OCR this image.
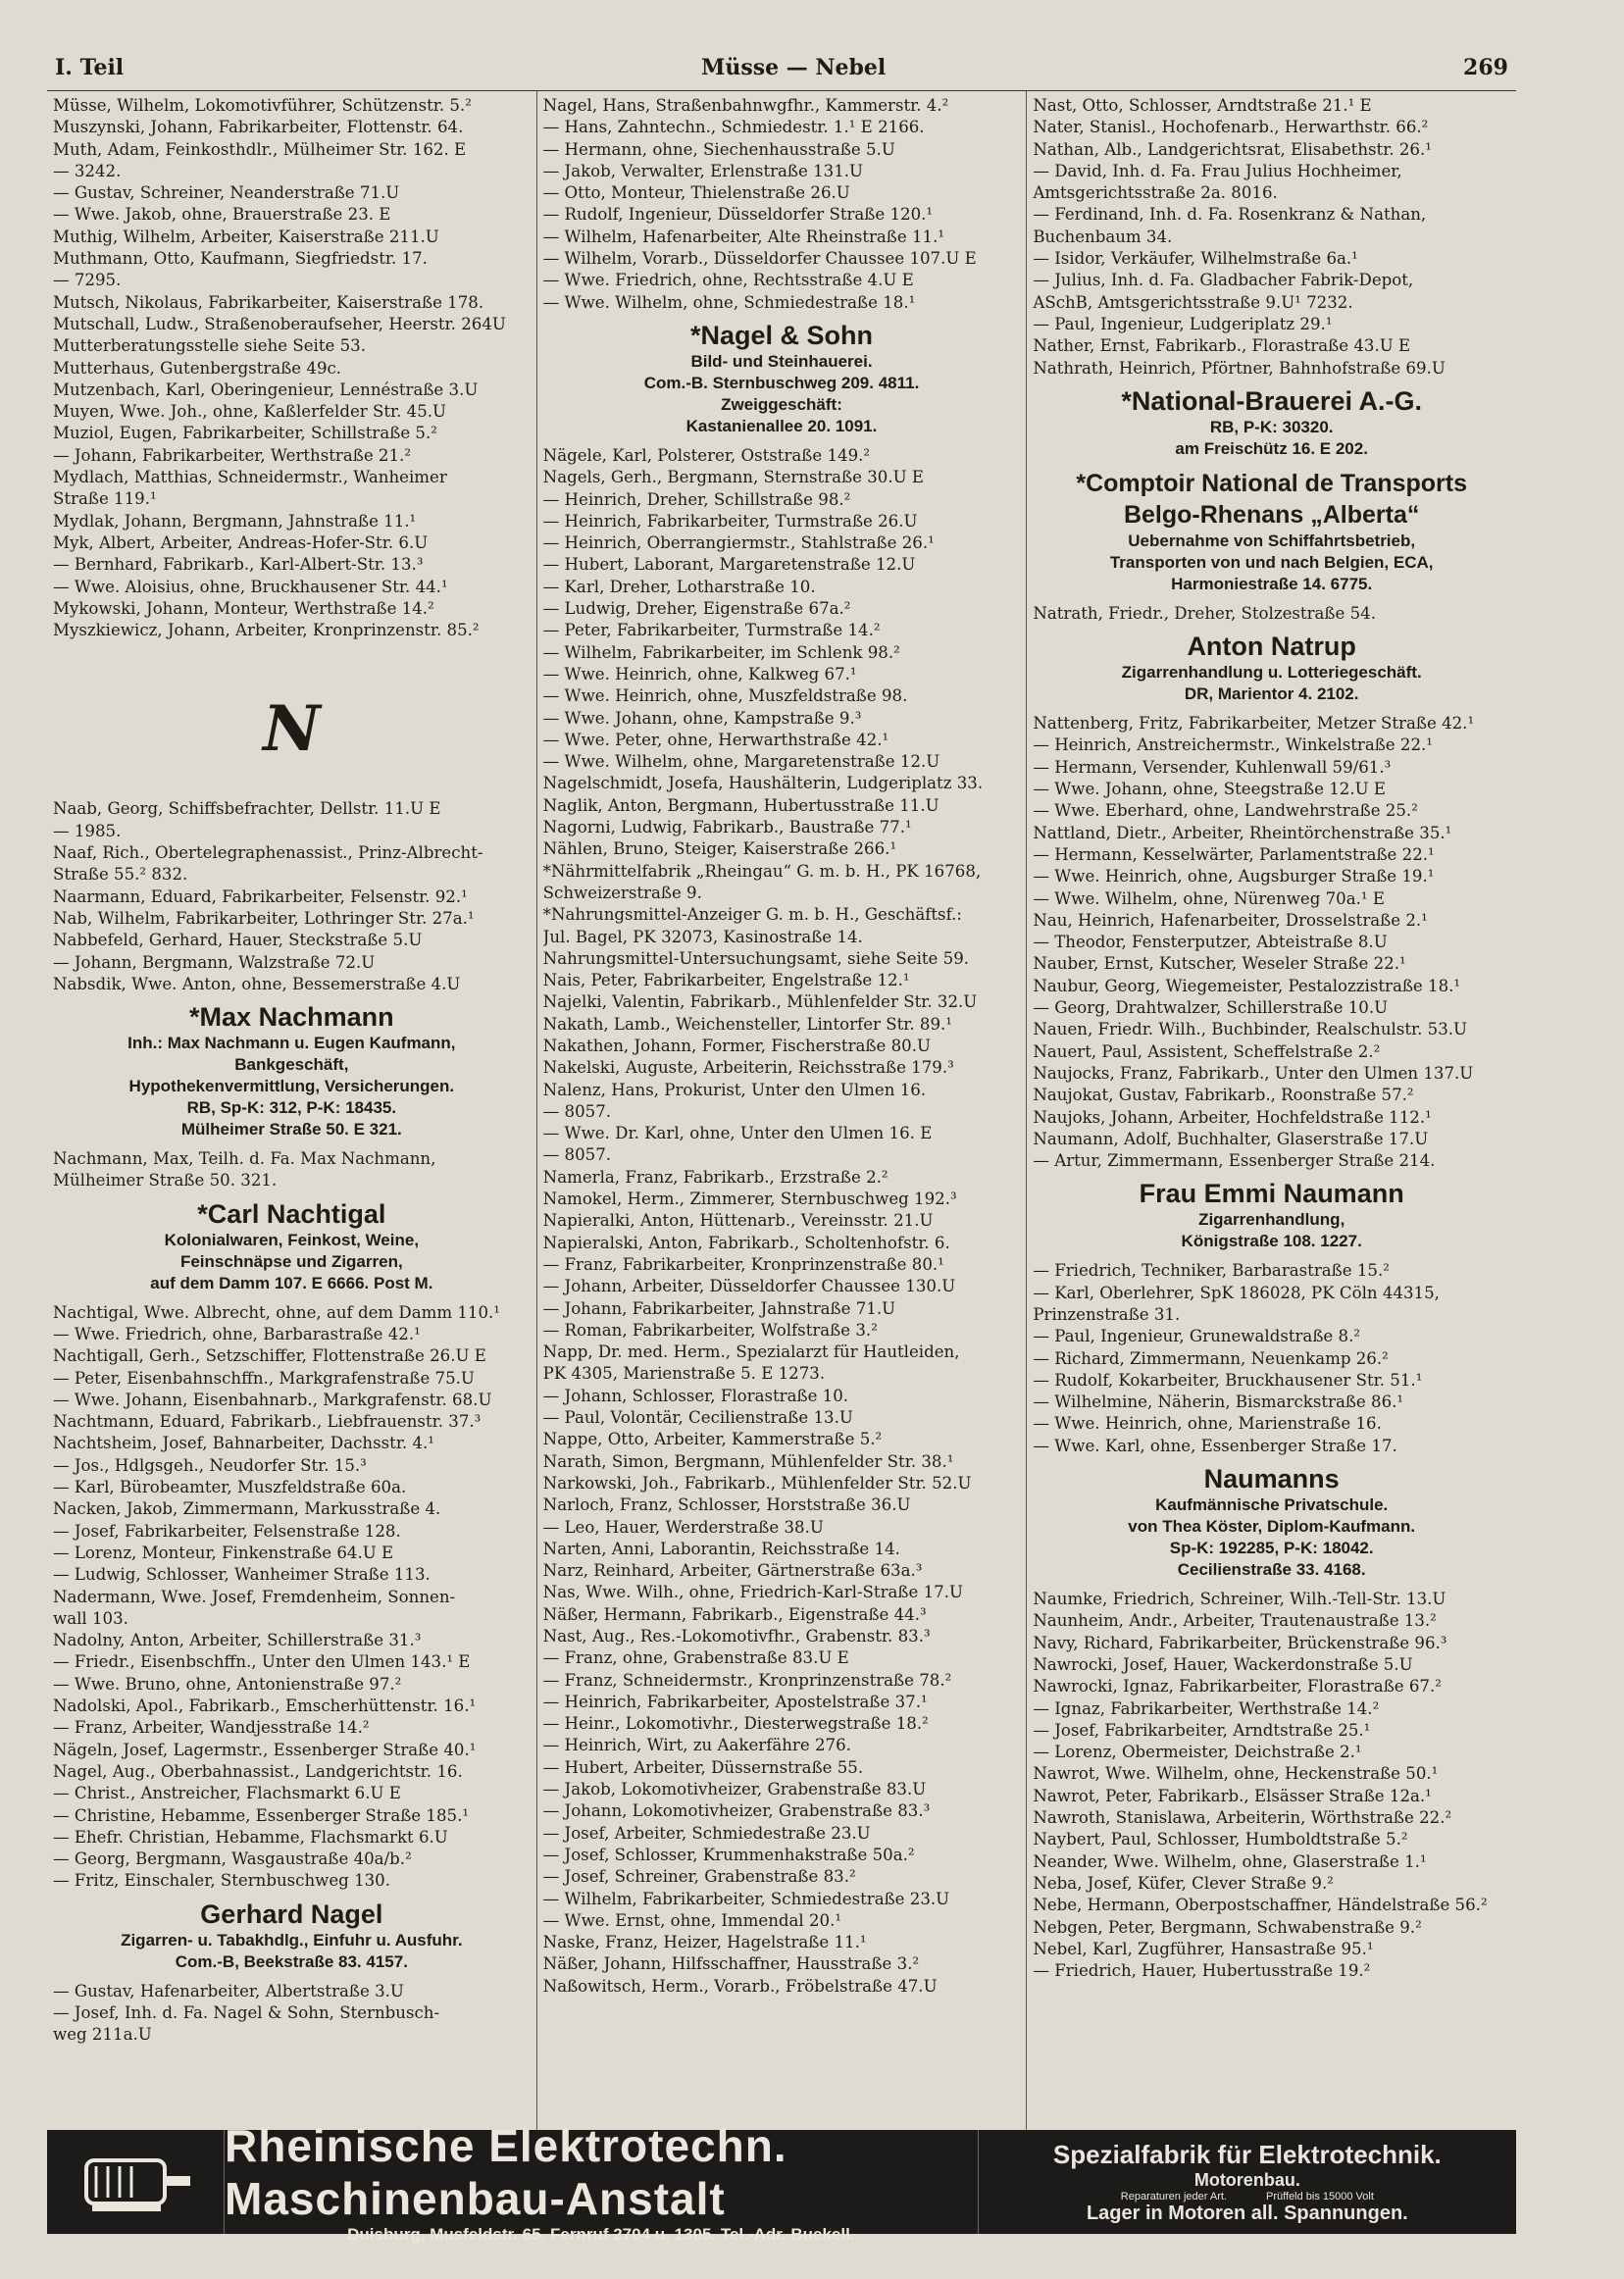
I. Teil	Müsse — Nebel	269
Müsse, Wilhelm, Lokomotivführer, Schützenstr. 5.²
Muszynski, Johann, Fabrikarbeiter, Flottenstr. 64.
Muth, Adam, Feinkosthdlr., Mülheimer Str. 162. E
— 3242.
— Gustav, Schreiner, Neanderstraße 71.U
— Wwe. Jakob, ohne, Brauerstraße 23. E
Muthig, Wilhelm, Arbeiter, Kaiserstraße 211.U
Muthmann, Otto, Kaufmann, Siegfriedstr. 17.
— 7295.
Mutsch, Nikolaus, Fabrikarbeiter, Kaiserstraße 178.
Mutschall, Ludw., Straßenoberaufseher, Heerstr. 264U
Mutterberatungsstelle siehe Seite 53.
Mutterhaus, Gutenbergstraße 49c.
Mutzenbach, Karl, Oberingenieur, Lennéstraße 3.U
Muyen, Wwe. Joh., ohne, Kaßlerfelder Str. 45.U
Muziol, Eugen, Fabrikarbeiter, Schillstraße 5.²
— Johann, Fabrikarbeiter, Werthstraße 21.²
Mydlach, Matthias, Schneidermstr., Wanheimer
Straße 119.¹
Mydlak, Johann, Bergmann, Jahnstraße 11.¹
Myk, Albert, Arbeiter, Andreas-Hofer-Str. 6.U
— Bernhard, Fabrikarb., Karl-Albert-Str. 13.³
— Wwe. Aloisius, ohne, Bruckhausener Str. 44.¹
Mykowski, Johann, Monteur, Werthstraße 14.²
Myszkiewicz, Johann, Arbeiter, Kronprinzenstr. 85.²
N
Naab, Georg, Schiffsbefrachter, Dellstr. 11.U E
— 1985.
Naaf, Rich., Obertelegraphenassist., Prinz-Albrecht-
Straße 55.² 832.
Naarmann, Eduard, Fabrikarbeiter, Felsenstr. 92.¹
Nab, Wilhelm, Fabrikarbeiter, Lothringer Str. 27a.¹
Nabbefeld, Gerhard, Hauer, Steckstraße 5.U
— Johann, Bergmann, Walzstraße 72.U
Nabsdik, Wwe. Anton, ohne, Bessemerstraße 4.U
*Max Nachmann
Inh.: Max Nachmann u. Eugen Kaufmann,
Bankgeschäft,
Hypothekenvermittlung, Versicherungen.
RB, Sp-K: 312, P-K: 18435.
Mülheimer Straße 50. E 321.
Nachmann, Max, Teilh. d. Fa. Max Nachmann,
Mülheimer Straße 50. 321.
*Carl Nachtigal
Kolonialwaren, Feinkost, Weine,
Feinschnäpse und Zigarren,
auf dem Damm 107. E 6666. Post M.
Nachtigal, Wwe. Albrecht, ohne, auf dem Damm 110.¹
— Wwe. Friedrich, ohne, Barbarastraße 42.¹
Nachtigall, Gerh., Setzschiffer, Flottenstraße 26.U E
— Peter, Eisenbahnschffn., Markgrafenstraße 75.U
— Wwe. Johann, Eisenbahnarb., Markgrafenstr. 68.U
Nachtmann, Eduard, Fabrikarb., Liebfrauenstr. 37.³
Nachtsheim, Josef, Bahnarbeiter, Dachsstr. 4.¹
— Jos., Hdlgsgeh., Neudorfer Str. 15.³
— Karl, Bürobeamter, Muszfeldstraße 60a.
Nacken, Jakob, Zimmermann, Markusstraße 4.
— Josef, Fabrikarbeiter, Felsenstraße 128.
— Lorenz, Monteur, Finkenstraße 64.U E
— Ludwig, Schlosser, Wanheimer Straße 113.
Nadermann, Wwe. Josef, Fremdenheim, Sonnen-
wall 103.
Nadolny, Anton, Arbeiter, Schillerstraße 31.³
— Friedr., Eisenbschffn., Unter den Ulmen 143.¹ E
— Wwe. Bruno, ohne, Antonienstraße 97.²
Nadolski, Apol., Fabrikarb., Emscherhüttenstr. 16.¹
— Franz, Arbeiter, Wandjesstraße 14.²
Nägeln, Josef, Lagermstr., Essenberger Straße 40.¹
Nagel, Aug., Oberbahnassist., Landgerichtstr. 16.
— Christ., Anstreicher, Flachsmarkt 6.U E
— Christine, Hebamme, Essenberger Straße 185.¹
— Ehefr. Christian, Hebamme, Flachsmarkt 6.U
— Georg, Bergmann, Wasgaustraße 40a/b.²
— Fritz, Einschaler, Sternbuschweg 130.
Gerhard Nagel
Zigarren- u. Tabakhdlg., Einfuhr u. Ausfuhr.
Com.-B, Beekstraße 83. 4157.
— Gustav, Hafenarbeiter, Albertstraße 3.U
— Josef, Inh. d. Fa. Nagel & Sohn, Sternbusch-
weg 211a.U
Nagel, Hans, Straßenbahnwgfhr., Kammerstr. 4.²
— Hans, Zahntechn., Schmiedestr. 1.¹ E 2166.
— Hermann, ohne, Siechenhausstraße 5.U
— Jakob, Verwalter, Erlenstraße 131.U
— Otto, Monteur, Thielenstraße 26.U
— Rudolf, Ingenieur, Düsseldorfer Straße 120.¹
— Wilhelm, Hafenarbeiter, Alte Rheinstraße 11.¹
— Wilhelm, Vorarb., Düsseldorfer Chaussee 107.U E
— Wwe. Friedrich, ohne, Rechtsstraße 4.U E
— Wwe. Wilhelm, ohne, Schmiedestraße 18.¹
*Nagel & Sohn
Bild- und Steinhauerei.
Com.-B. Sternbuschweg 209. 4811.
Zweiggeschäft:
Kastanienallee 20. 1091.
Nägele, Karl, Polsterer, Oststraße 149.²
Nagels, Gerh., Bergmann, Sternstraße 30.U E
— Heinrich, Dreher, Schillstraße 98.²
— Heinrich, Fabrikarbeiter, Turmstraße 26.U
— Heinrich, Oberrangiermstr., Stahlstraße 26.¹
— Hubert, Laborant, Margaretenstraße 12.U
— Karl, Dreher, Lotharstraße 10.
— Ludwig, Dreher, Eigenstraße 67a.²
— Peter, Fabrikarbeiter, Turmstraße 14.²
— Wilhelm, Fabrikarbeiter, im Schlenk 98.²
— Wwe. Heinrich, ohne, Kalkweg 67.¹
— Wwe. Heinrich, ohne, Muszfeldstraße 98.
— Wwe. Johann, ohne, Kampstraße 9.³
— Wwe. Peter, ohne, Herwarthstraße 42.¹
— Wwe. Wilhelm, ohne, Margaretenstraße 12.U
Nagelschmidt, Josefa, Haushälterin, Ludgeriplatz 33.
Naglik, Anton, Bergmann, Hubertusstraße 11.U
Nagorni, Ludwig, Fabrikarb., Baustraße 77.¹
Nählen, Bruno, Steiger, Kaiserstraße 266.¹
*Nährmittelfabrik „Rheingau“ G. m. b. H., PK 16768,
Schweizerstraße 9.
*Nahrungsmittel-Anzeiger G. m. b. H., Geschäftsf.:
Jul. Bagel, PK 32073, Kasinostraße 14.
Nahrungsmittel-Untersuchungsamt, siehe Seite 59.
Nais, Peter, Fabrikarbeiter, Engelstraße 12.¹
Najelki, Valentin, Fabrikarb., Mühlenfelder Str. 32.U
Nakath, Lamb., Weichensteller, Lintorfer Str. 89.¹
Nakathen, Johann, Former, Fischerstraße 80.U
Nakelski, Auguste, Arbeiterin, Reichsstraße 179.³
Nalenz, Hans, Prokurist, Unter den Ulmen 16.
— 8057.
— Wwe. Dr. Karl, ohne, Unter den Ulmen 16. E
— 8057.
Namerla, Franz, Fabrikarb., Erzstraße 2.²
Namokel, Herm., Zimmerer, Sternbuschweg 192.³
Napieralki, Anton, Hüttenarb., Vereinsstr. 21.U
Napieralski, Anton, Fabrikarb., Scholtenhofstr. 6.
— Franz, Fabrikarbeiter, Kronprinzenstraße 80.¹
— Johann, Arbeiter, Düsseldorfer Chaussee 130.U
— Johann, Fabrikarbeiter, Jahnstraße 71.U
— Roman, Fabrikarbeiter, Wolfstraße 3.²
Napp, Dr. med. Herm., Spezialarzt für Hautleiden,
PK 4305, Marienstraße 5. E 1273.
— Johann, Schlosser, Florastraße 10.
— Paul, Volontär, Cecilienstraße 13.U
Nappe, Otto, Arbeiter, Kammerstraße 5.²
Narath, Simon, Bergmann, Mühlenfelder Str. 38.¹
Narkowski, Joh., Fabrikarb., Mühlenfelder Str. 52.U
Narloch, Franz, Schlosser, Horststraße 36.U
— Leo, Hauer, Werderstraße 38.U
Narten, Anni, Laborantin, Reichsstraße 14.
Narz, Reinhard, Arbeiter, Gärtnerstraße 63a.³
Nas, Wwe. Wilh., ohne, Friedrich-Karl-Straße 17.U
Näßer, Hermann, Fabrikarb., Eigenstraße 44.³
Nast, Aug., Res.-Lokomotivfhr., Grabenstr. 83.³
— Franz, ohne, Grabenstraße 83.U E
— Franz, Schneidermstr., Kronprinzenstraße 78.²
— Heinrich, Fabrikarbeiter, Apostelstraße 37.¹
— Heinr., Lokomotivhr., Diesterwegstraße 18.²
— Heinrich, Wirt, zu Aakerfähre 276.
— Hubert, Arbeiter, Düssernstraße 55.
— Jakob, Lokomotivheizer, Grabenstraße 83.U
— Johann, Lokomotivheizer, Grabenstraße 83.³
— Josef, Arbeiter, Schmiedestraße 23.U
— Josef, Schlosser, Krummenhakstraße 50a.²
— Josef, Schreiner, Grabenstraße 83.²
— Wilhelm, Fabrikarbeiter, Schmiedestraße 23.U
— Wwe. Ernst, ohne, Immendal 20.¹
Naske, Franz, Heizer, Hagelstraße 11.¹
Näßer, Johann, Hilfsschaffner, Hausstraße 3.²
Naßowitsch, Herm., Vorarb., Fröbelstraße 47.U
Nast, Otto, Schlosser, Arndtstraße 21.¹ E
Nater, Stanisl., Hochofenarb., Herwarthstr. 66.²
Nathan, Alb., Landgerichtsrat, Elisabethstr. 26.¹
— David, Inh. d. Fa. Frau Julius Hochheimer,
Amtsgerichtsstraße 2a. 8016.
— Ferdinand, Inh. d. Fa. Rosenkranz & Nathan,
Buchenbaum 34.
— Isidor, Verkäufer, Wilhelmstraße 6a.¹
— Julius, Inh. d. Fa. Gladbacher Fabrik-Depot,
ASchB, Amtsgerichtsstraße 9.U¹ 7232.
— Paul, Ingenieur, Ludgeriplatz 29.¹
Nather, Ernst, Fabrikarb., Florastraße 43.U E
Nathrath, Heinrich, Pförtner, Bahnhofstraße 69.U
*National-Brauerei A.-G.
RB, P-K: 30320.
am Freischütz 16. E 202.
*Comptoir National de Transports
Belgo-Rhenans „Alberta“
Uebernahme von Schiffahrtsbetrieb,
Transporten von und nach Belgien, ECA,
Harmoniestraße 14. 6775.
Natrath, Friedr., Dreher, Stolzestraße 54.
Anton Natrup
Zigarrenhandlung u. Lotteriegeschäft.
DR, Marientor 4. 2102.
Nattenberg, Fritz, Fabrikarbeiter, Metzer Straße 42.¹
— Heinrich, Anstreichermstr., Winkelstraße 22.¹
— Hermann, Versender, Kuhlenwall 59/61.³
— Wwe. Johann, ohne, Steegstraße 12.U E
— Wwe. Eberhard, ohne, Landwehrstraße 25.²
Nattland, Dietr., Arbeiter, Rheintörchenstraße 35.¹
— Hermann, Kesselwärter, Parlamentstraße 22.¹
— Wwe. Heinrich, ohne, Augsburger Straße 19.¹
— Wwe. Wilhelm, ohne, Nürenweg 70a.¹ E
Nau, Heinrich, Hafenarbeiter, Drosselstraße 2.¹
— Theodor, Fensterputzer, Abteistraße 8.U
Nauber, Ernst, Kutscher, Weseler Straße 22.¹
Naubur, Georg, Wiegemeister, Pestalozzistraße 18.¹
— Georg, Drahtwalzer, Schillerstraße 10.U
Nauen, Friedr. Wilh., Buchbinder, Realschulstr. 53.U
Nauert, Paul, Assistent, Scheffelstraße 2.²
Naujocks, Franz, Fabrikarb., Unter den Ulmen 137.U
Naujokat, Gustav, Fabrikarb., Roonstraße 57.²
Naujoks, Johann, Arbeiter, Hochfeldstraße 112.¹
Naumann, Adolf, Buchhalter, Glaserstraße 17.U
— Artur, Zimmermann, Essenberger Straße 214.
Frau Emmi Naumann
Zigarrenhandlung,
Königstraße 108. 1227.
— Friedrich, Techniker, Barbarastraße 15.²
— Karl, Oberlehrer, SpK 186028, PK Cöln 44315,
Prinzenstraße 31.
— Paul, Ingenieur, Grunewaldstraße 8.²
— Richard, Zimmermann, Neuenkamp 26.²
— Rudolf, Kokarbeiter, Bruckhausener Str. 51.¹
— Wilhelmine, Näherin, Bismarckstraße 86.¹
— Wwe. Heinrich, ohne, Marienstraße 16.
— Wwe. Karl, ohne, Essenberger Straße 17.
Naumanns
Kaufmännische Privatschule.
von Thea Köster, Diplom-Kaufmann.
Sp-K: 192285, P-K: 18042.
Cecilienstraße 33. 4168.
Naumke, Friedrich, Schreiner, Wilh.-Tell-Str. 13.U
Naunheim, Andr., Arbeiter, Trautenaustraße 13.²
Navy, Richard, Fabrikarbeiter, Brückenstraße 96.³
Nawrocki, Josef, Hauer, Wackerdonstraße 5.U
Nawrocki, Ignaz, Fabrikarbeiter, Florastraße 67.²
— Ignaz, Fabrikarbeiter, Werthstraße 14.²
— Josef, Fabrikarbeiter, Arndtstraße 25.¹
— Lorenz, Obermeister, Deichstraße 2.¹
Nawrot, Wwe. Wilhelm, ohne, Heckenstraße 50.¹
Nawrot, Peter, Fabrikarb., Elsässer Straße 12a.¹
Nawroth, Stanislawa, Arbeiterin, Wörthstraße 22.²
Naybert, Paul, Schlosser, Humboldtstraße 5.²
Neander, Wwe. Wilhelm, ohne, Glaserstraße 1.¹
Neba, Josef, Küfer, Clever Straße 9.²
Nebe, Hermann, Oberpostschaffner, Händelstraße 56.²
Nebgen, Peter, Bergmann, Schwabenstraße 9.²
Nebel, Karl, Zugführer, Hansastraße 95.¹
— Friedrich, Hauer, Hubertusstraße 19.²
Rheinische Elektrotechn. Maschinenbau-Anstalt
Duisburg, Musfeldstr. 65. Fernruf 2704 u. 1305. Tel.-Adr. Buekell.
Spezialfabrik für Elektrotechnik.
Motorenbau.
Reparaturen jeder Art.	Prüffeld bis 15000 Volt
Lager in Motoren all. Spannungen.
